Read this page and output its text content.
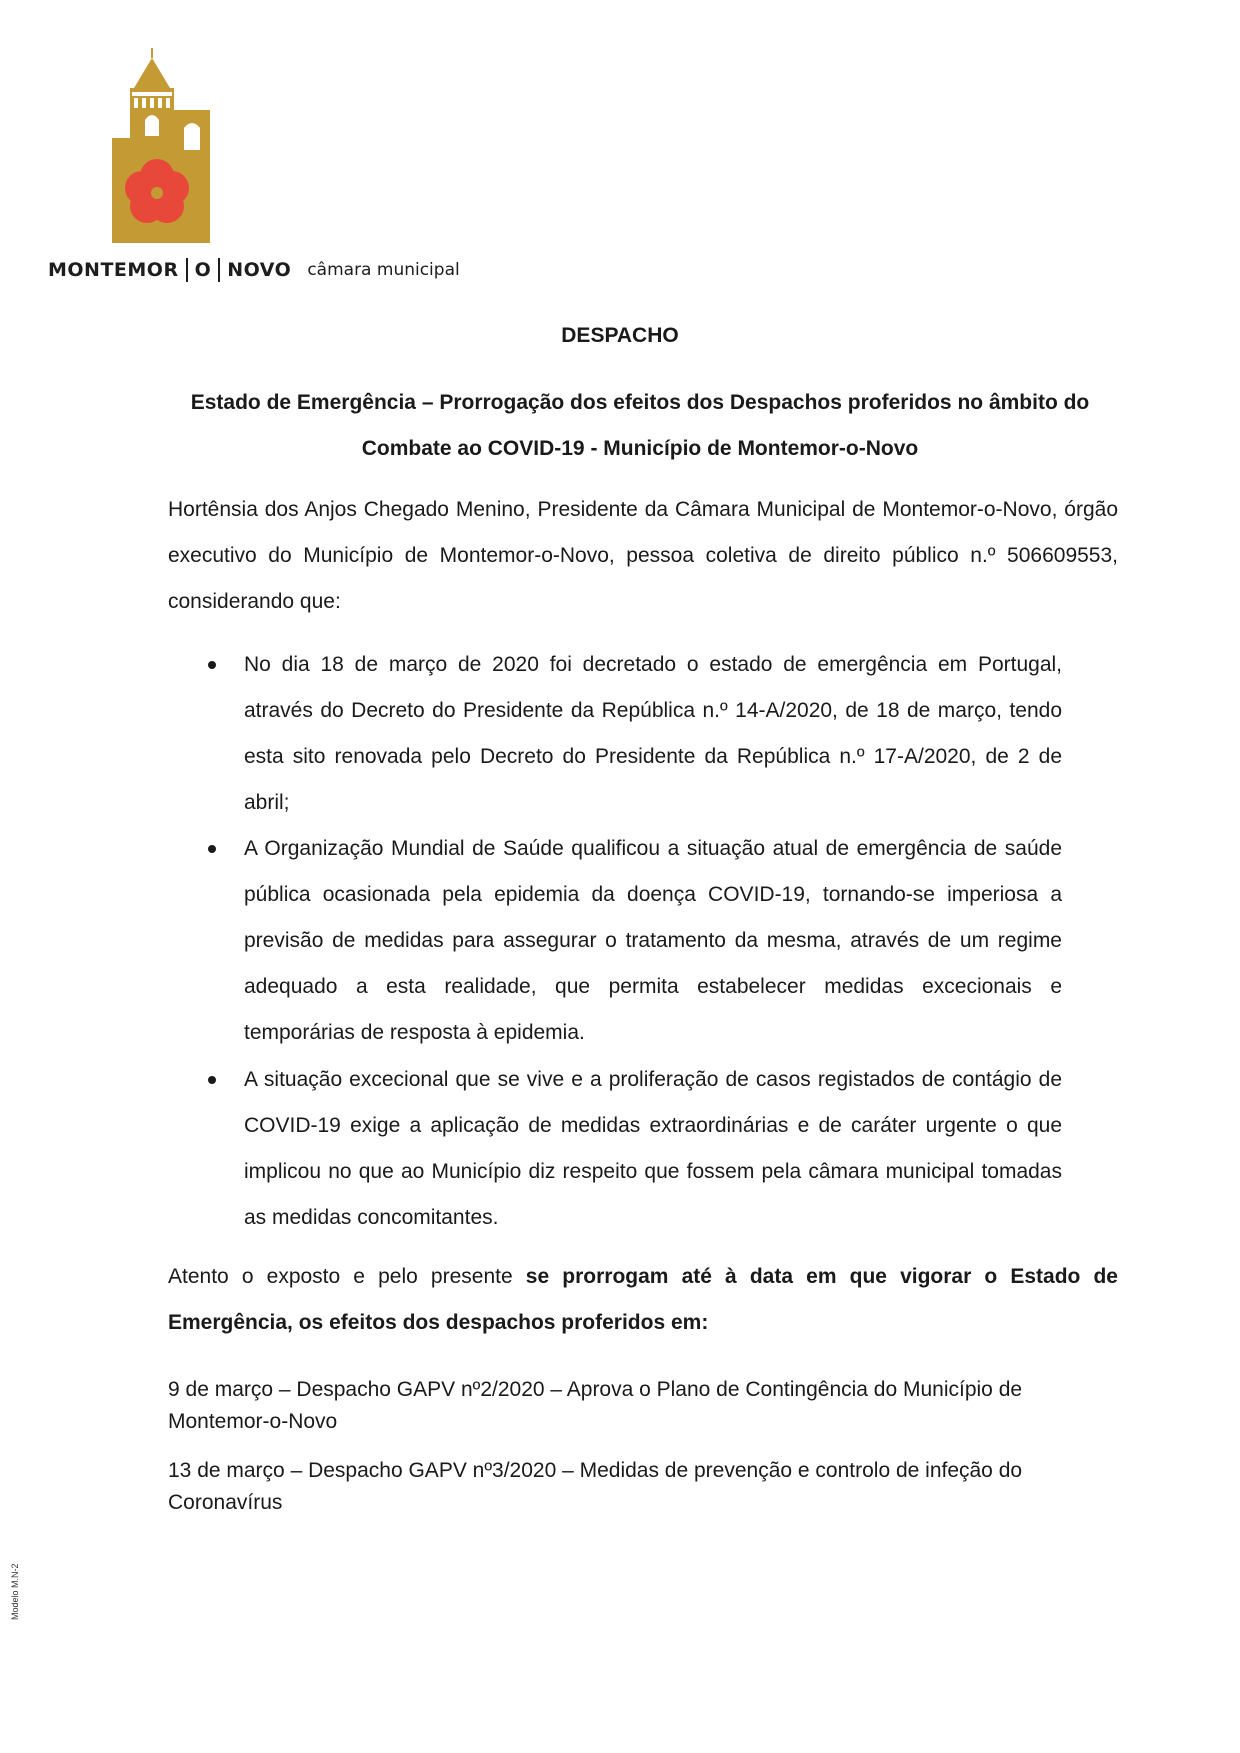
MONTEMOR O NOVO câmara municipal
DESPACHO
Estado de Emergência – Prorrogação dos efeitos dos Despachos proferidos no âmbito do Combate ao COVID-19 - Município de Montemor-o-Novo
Hortênsia dos Anjos Chegado Menino, Presidente da Câmara Municipal de Montemor-o-Novo, órgão executivo do Município de Montemor-o-Novo, pessoa coletiva de direito público n.º 506609553, considerando que:
No dia 18 de março de 2020 foi decretado o estado de emergência em Portugal, através do Decreto do Presidente da República n.º 14-A/2020, de 18 de março, tendo esta sito renovada pelo Decreto do Presidente da República n.º 17-A/2020, de 2 de abril;
A Organização Mundial de Saúde qualificou a situação atual de emergência de saúde pública ocasionada pela epidemia da doença COVID-19, tornando-se imperiosa a previsão de medidas para assegurar o tratamento da mesma, através de um regime adequado a esta realidade, que permita estabelecer medidas excecionais e temporárias de resposta à epidemia.
A situação excecional que se vive e a proliferação de casos registados de contágio de COVID-19 exige a aplicação de medidas extraordinárias e de caráter urgente o que implicou no que ao Município diz respeito que fossem pela câmara municipal tomadas as medidas concomitantes.
Atento o exposto e pelo presente se prorrogam até à data em que vigorar o Estado de Emergência, os efeitos dos despachos proferidos em:
9 de março – Despacho GAPV nº2/2020 – Aprova o Plano de Contingência do Município de Montemor-o-Novo
13 de março – Despacho GAPV nº3/2020 – Medidas de prevenção e controlo de infeção do Coronavírus
Modelo M.N-2
